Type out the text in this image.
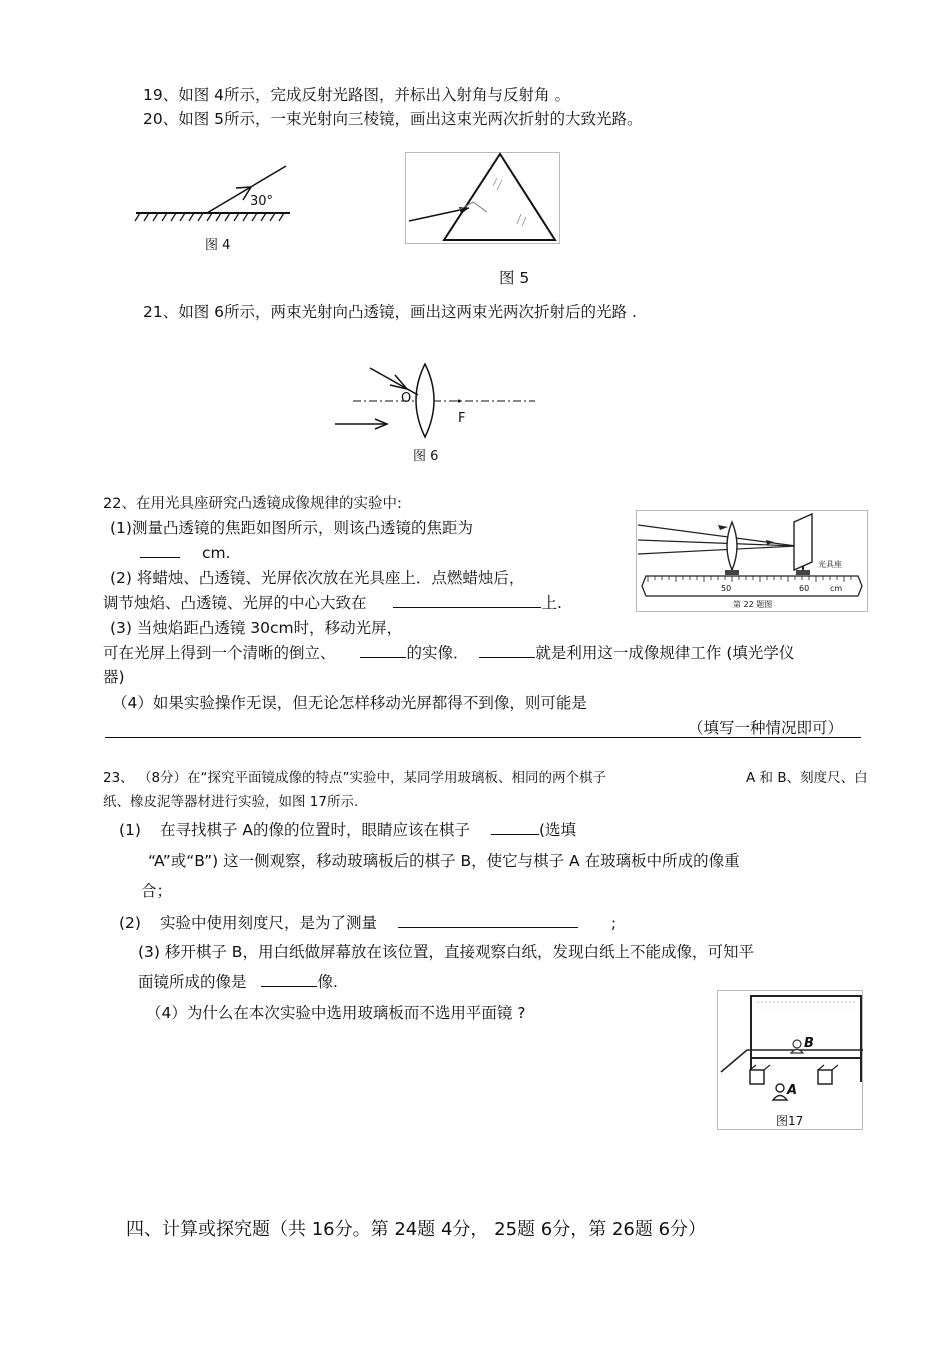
19、如图 4所示，完成反射光路图，并标出入射角与反射角 。
20、如图 5所示，一束光射向三棱镜，画出这束光两次折射的大致光路。
30°
图 4
图 5
21、如图 6所示，两束光射向凸透镜，画出这两束光两次折射后的光路 .
O
F
图 6
22、在用光具座研究凸透镜成像规律的实验中:
(1)测量凸透镜的焦距如图所示，则该凸透镜的焦距为
cm.
(2) 将蜡烛、凸透镜、光屏依次放在光具座上．点燃蜡烛后，
调节烛焰、凸透镜、光屏的中心大致在	上.
(3) 当烛焰距凸透镜 30cm时，移动光屏，
可在光屏上得到一个清晰的倒立、	的实像．	就是利用这一成像规律工作 (填光学仪
器)
（4）如果实验操作无误，但无论怎样移动光屏都得不到像，则可能是
（填写一种情况即可）
光具座
50	60	cm
第 22 题图
23、 （8分）在“探究平面镜成像的特点”实验中，某同学用玻璃板、相同的两个棋子	A 和 B、刻度尺、白
纸、橡皮泥等器材进行实验，如图 17所示.
(1) 在寻找棋子 A的像的位置时，眼睛应该在棋子	(选填
“A”或“B”) 这一侧观察，移动玻璃板后的棋子 B，使它与棋子 A 在玻璃板中所成的像重
合；
(2) 实验中使用刻度尺，是为了测量	;
(3) 移开棋子 B，用白纸做屏幕放在该位置，直接观察白纸，发现白纸上不能成像，可知平
面镜所成的像是	像.
（4）为什么在本次实验中选用玻璃板而不选用平面镜 ?
B
A
图17
四、计算或探究题（共 16分。第 24题 4分， 25题 6分，第 26题 6分）
